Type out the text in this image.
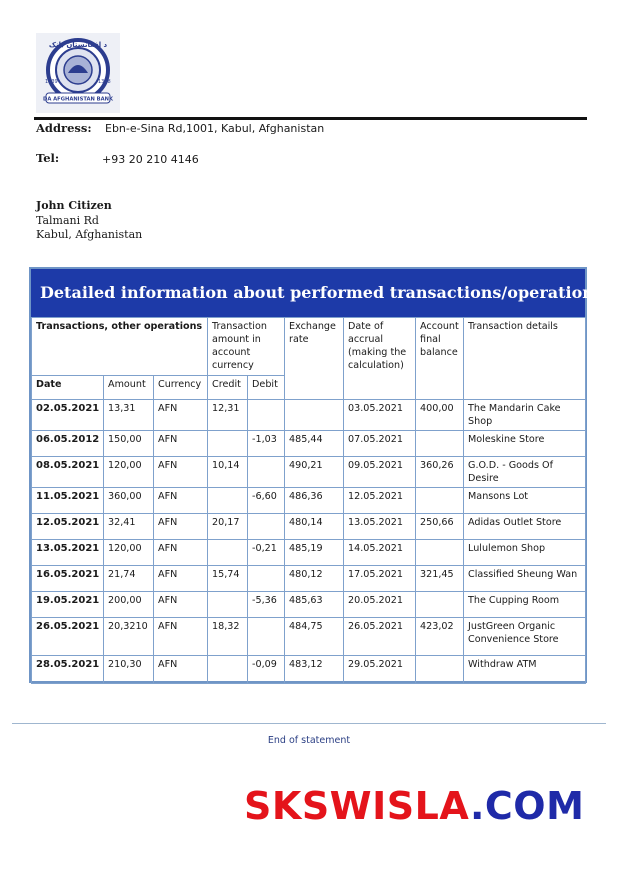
د افغانستان بانک
1939	1318
DA AFGHANISTAN BANK
Address: Ebn-e-Sina Rd,1001, Kabul, Afghanistan
Tel:	+93 20 210 4146
John Citizen
Talmani Rd
Kabul, Afghanistan
Detailed information about performed transactions/operations
Transactions, other operations			Transaction amount in account currency		Exchange rate	Date of accrual (making the calculation)	Account final balance	Transaction details
Date	Amount	Currency	Credit	Debit				
02.05.2021	13,31	AFN	12,31			03.05.2021	400,00	The Mandarin Cake Shop
06.05.2012	150,00	AFN		-1,03	485,44	07.05.2021		Moleskine Store
08.05.2021	120,00	AFN	10,14		490,21	09.05.2021	360,26	G.O.D. - Goods Of Desire
11.05.2021	360,00	AFN		-6,60	486,36	12.05.2021		Mansons Lot
12.05.2021	32,41	AFN	20,17		480,14	13.05.2021	250,66	Adidas Outlet Store
13.05.2021	120,00	AFN		-0,21	485,19	14.05.2021		Lululemon Shop
16.05.2021	21,74	AFN	15,74		480,12	17.05.2021	321,45	Classified Sheung Wan
19.05.2021	200,00	AFN		-5,36	485,63	20.05.2021		The Cupping Room
26.05.2021	20,3210	AFN	18,32		484,75	26.05.2021	423,02	JustGreen Organic Convenience Store
28.05.2021	210,30	AFN		-0,09	483,12	29.05.2021		Withdraw ATM
End of statement
SKSWISLA.COM
